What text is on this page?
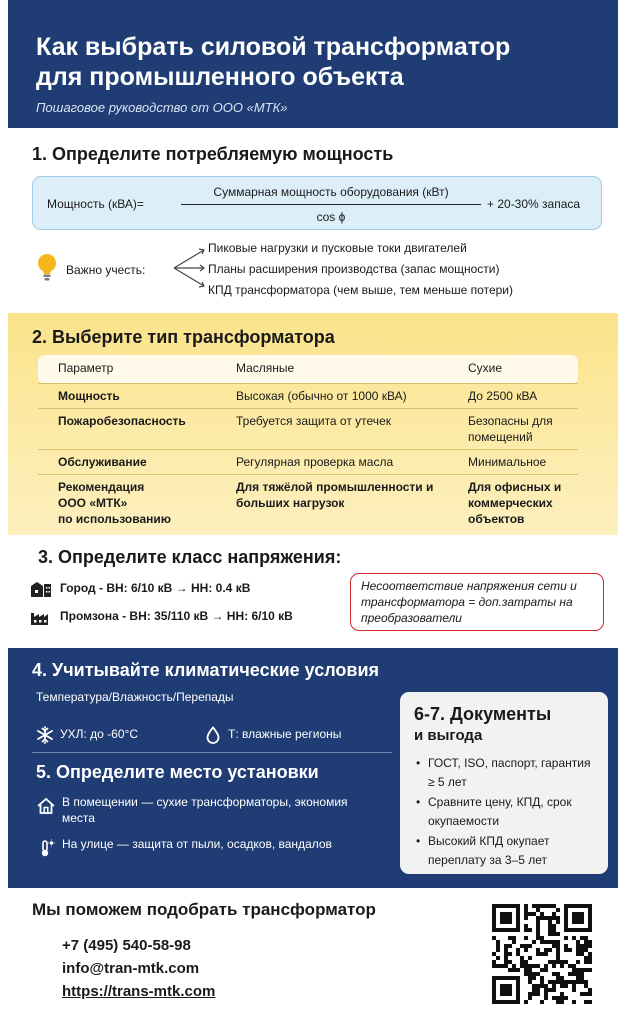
Как выбрать силовой трансформатор
для промышленного объекта
Пошаговое руководство от ООО «МТК»
1. Определите потребляемую мощность
Мощность (кВА)=
Суммарная мощность оборудования (кВт)
cos ϕ
+ 20-30% запаса
Важно учесть:
Пиковые нагрузки и пусковые токи двигателей
Планы расширения производства (запас мощности)
КПД трансформатора (чем выше, тем меньше потери)
2. Выберите тип трансформатора
Параметр	Масляные	Сухие
Мощность	Высокая (обычно от 1000 кВА)	До 2500 кВА
Пожаробезопасность	Требуется защита от утечек	Безопасны для помещений
Обслуживание	Регулярная проверка масла	Минимальное
Рекомендация
ООО «МТК»
по использованию	Для тяжёлой промышленности и больших нагрузок	Для офисных и коммерческих объектов
3. Определите класс напряжения:
Город - ВН: 6/10 кВ → НН: 0.4 кВ
Промзона - ВН: 35/110 кВ → НН: 6/10 кВ
Несоответствие напряжения сети и трансформатора = доп.затраты на преобразователи
4. Учитывайте климатические условия
Температура/Влажность/Перепады
УХЛ: до -60°С	Т: влажные регионы
5. Определите место установки
В помещении — сухие трансформаторы, экономия места
На улице — защита от пыли, осадков, вандалов
6-7. Документы
и выгода
• ГОСТ, ISO, паспорт, гарантия ≥ 5 лет
• Сравните цену, КПД, срок окупаемости
• Высокий КПД окупает переплату за 3–5 лет
Мы поможем подобрать трансформатор
+7 (495) 540-58-98
info@tran-mtk.com
https://trans-mtk.com
